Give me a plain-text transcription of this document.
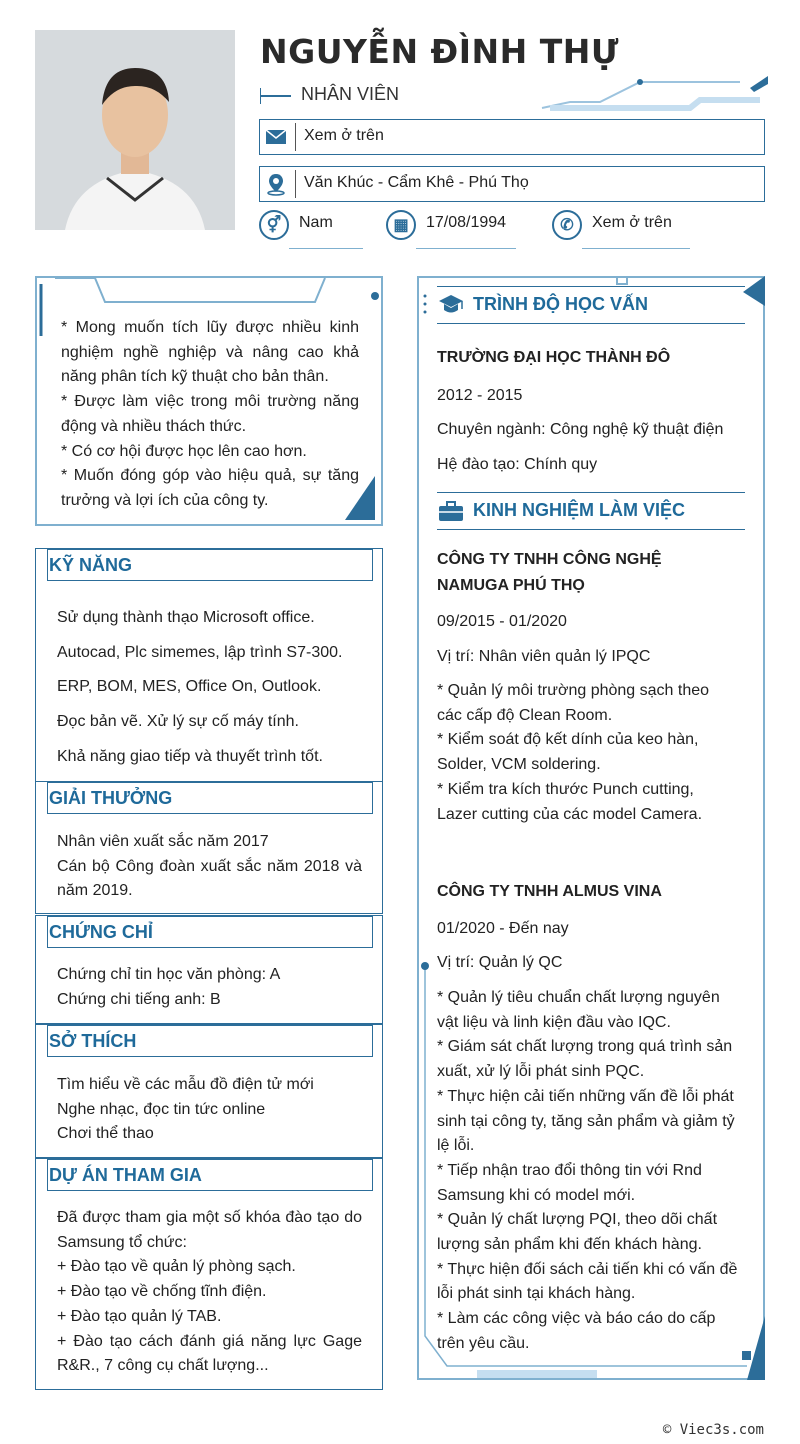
NGUYỄN ĐÌNH THỰ
NHÂN VIÊN
Xem ở trên
Văn Khúc - Cẩm Khê - Phú Thọ
⚥	Nam	▦	17/08/1994	✆	Xem ở trên

* Mong muốn tích lũy được nhiều kinh nghiệm nghề nghiệp và nâng cao khả năng phân tích kỹ thuật cho bản thân.

* Được làm việc trong môi trường năng động và nhiều thách thức.

* Có cơ hội được học lên cao hơn.

* Muốn đóng góp vào hiệu quả, sự tăng trưởng và lợi ích của công ty.

KỸ NĂNG

Sử dụng thành thạo Microsoft office.

Autocad, Plc simemes, lập trình S7-300.

ERP, BOM, MES, Office On, Outlook.

Đọc bản vẽ. Xử lý sự cố máy tính.

Khả năng giao tiếp và thuyết trình tốt.

GIẢI THƯỞNG

Nhân viên xuất sắc năm 2017

Cán bộ Công đoàn xuất sắc năm 2018 và năm 2019.

CHỨNG CHỈ

Chứng chỉ tin học văn phòng: A

Chứng chi tiếng anh: B

SỞ THÍCH

Tìm hiểu về các mẫu đồ điện tử mới

Nghe nhạc, đọc tin tức online

Chơi thể thao

DỰ ÁN THAM GIA

Đã được tham gia một số khóa đào tạo do Samsung tổ chức:

+ Đào tạo về quản lý phòng sạch.

+ Đào tạo về chống tĩnh điện.

+ Đào tạo quản lý TAB.

+ Đào tạo cách đánh giá năng lực Gage R&R., 7 công cụ chất lượng...

TRÌNH ĐỘ HỌC VẤN
TRƯỜNG ĐẠI HỌC THÀNH ĐÔ
2012 - 2015
Chuyên ngành: Công nghệ kỹ thuật điện
Hệ đào tạo: Chính quy
KINH NGHIỆM LÀM VIỆC
CÔNG TY TNHH CÔNG NGHỆ NAMUGA PHÚ THỌ
09/2015 - 01/2020
Vị trí: Nhân viên quản lý IPQC

* Quản lý môi trường phòng sạch theo các cấp độ Clean Room.

* Kiểm soát độ kết dính của keo hàn, Solder, VCM soldering.

* Kiểm tra kích thước Punch cutting, Lazer cutting của các model Camera.

CÔNG TY TNHH ALMUS VINA
01/2020 - Đến nay
Vị trí: Quản lý QC

* Quản lý tiêu chuẩn chất lượng nguyên vật liệu và linh kiện đầu vào IQC.

* Giám sát chất lượng trong quá trình sản xuất, xử lý lỗi phát sinh PQC.

* Thực hiện cải tiến những vấn đề lỗi phát sinh tại công ty, tăng sản phẩm và giảm tỷ lệ lỗi.

* Tiếp nhận trao đổi thông tin với Rnd Samsung khi có model mới.

* Quản lý chất lượng PQI, theo dõi chất lượng sản phẩm khi đến khách hàng.

* Thực hiện đối sách cải tiến khi có vấn đề lỗi phát sinh tại khách hàng.

* Làm các công việc và báo cáo do cấp trên yêu cầu.

© Viec3s.com
